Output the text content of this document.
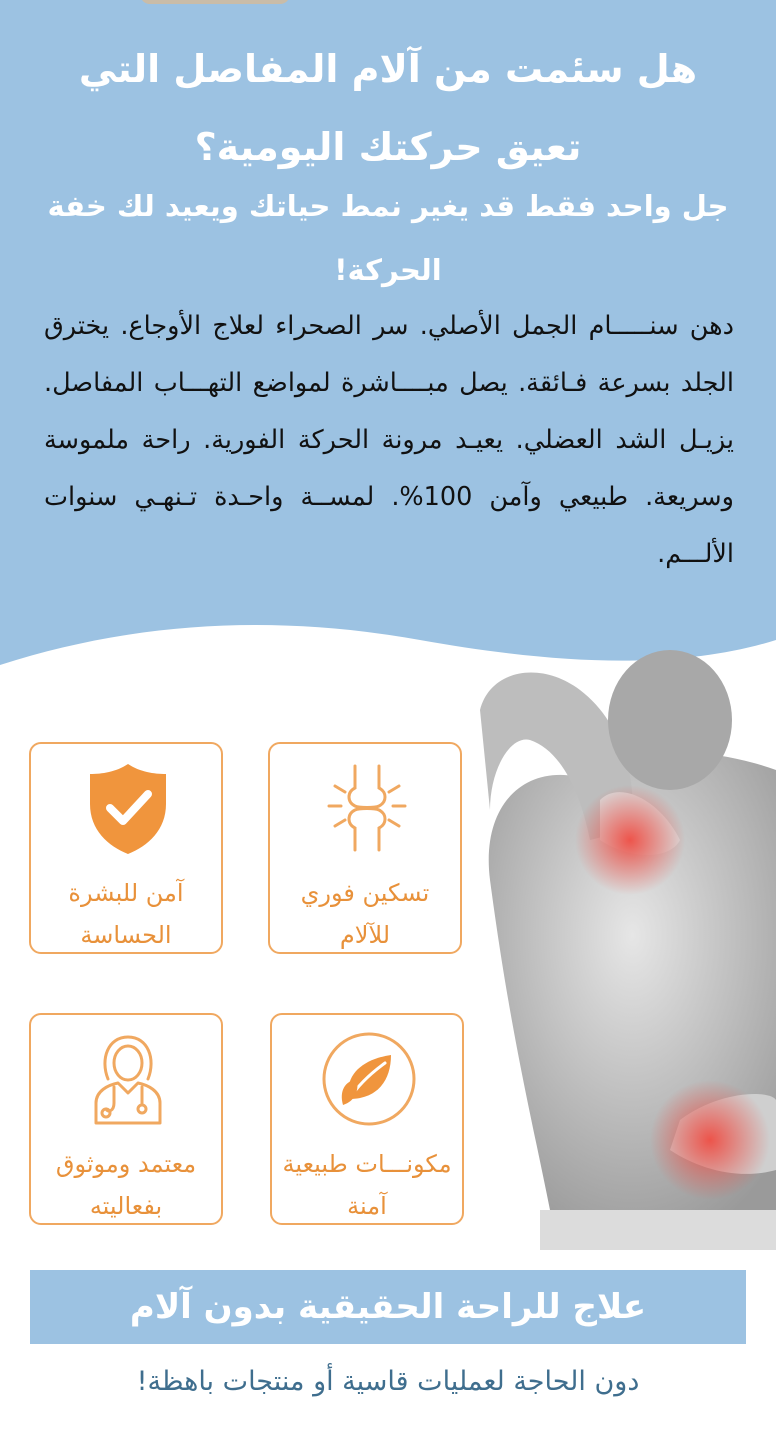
هل سئمت من آلام المفاصل التي تعيق حركتك اليومية؟
جل واحد فقط قد يغير نمط حياتك ويعيد لك خفة الحركة!

دهن سنـــــام الجمل الأصلي. سر الصحراء لعلاج الأوجاع. يخترق الجلد بسرعة فـائقة. يصل مبــــاشرة لمواضع التهـــاب المفاصل. يزيـل الشد العضلي. يعيـد مرونة الحركة الفورية. راحة ملموسة وسريعة. طبيعي وآمن 100%. لمســة واحـدة تـنهـي سنوات الألـــم.

تسكين فوري للآلام
آمن للبشرة الحساسة
مكونـــات طبيعية آمنة
معتمد وموثوق بفعاليته
علاج للراحة الحقيقية بدون آلام
دون الحاجة لعمليات قاسية أو منتجات باهظة!
